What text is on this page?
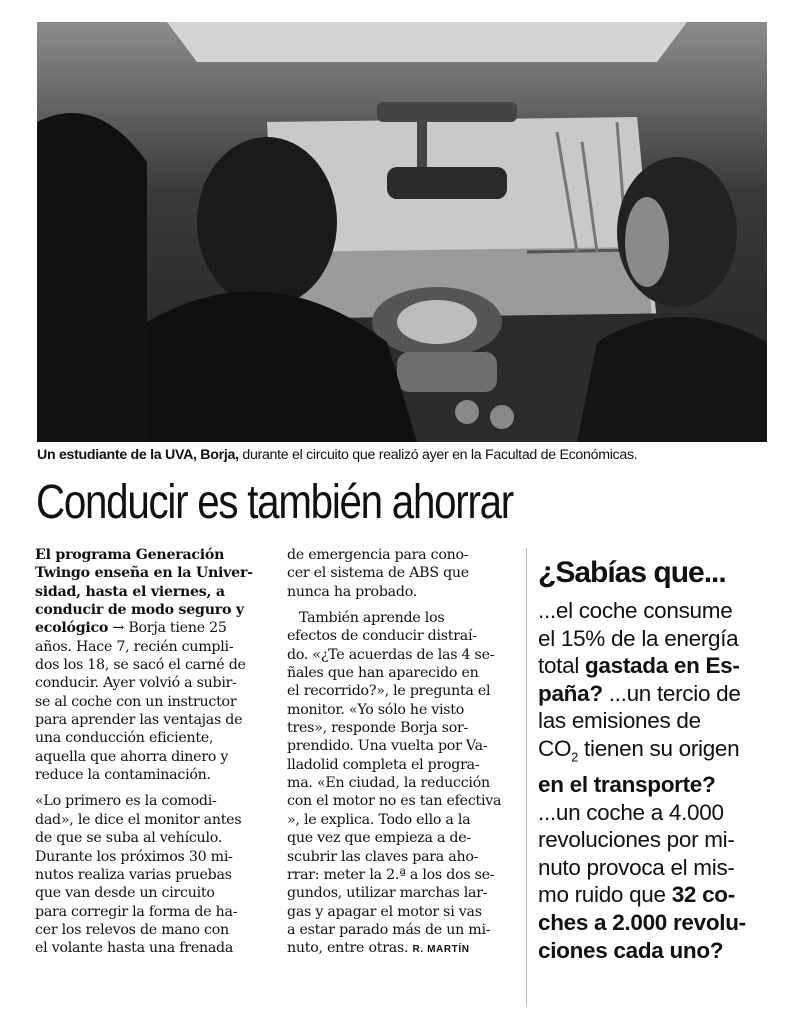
Un estudiante de la UVA, Borja, durante el circuito que realizó ayer en la Facultad de Económicas.
Conducir es también ahorrar
El programa Generación
Twingo enseña en la Univer-
sidad, hasta el viernes, a
conducir de modo seguro y
ecológico → Borja tiene 25
años. Hace 7, recién cumpli-
dos los 18, se sacó el carné de
conducir. Ayer volvió a subir-
se al coche con un instructor
para aprender las ventajas de
una conducción eficiente,
aquella que ahorra dinero y
reduce la contaminación.
«Lo primero es la comodi-
dad», le dice el monitor antes
de que se suba al vehículo.
Durante los próximos 30 mi-
nutos realiza varias pruebas
que van desde un circuito
para corregir la forma de ha-
cer los relevos de mano con
el volante hasta una frenada
de emergencia para cono-
cer el sistema de ABS que
nunca ha probado.
También aprende los
efectos de conducir distraí-
do. «¿Te acuerdas de las 4 se-
ñales que han aparecido en
el recorrido?», le pregunta el
monitor. «Yo sólo he visto
tres», responde Borja sor-
prendido. Una vuelta por Va-
lladolid completa el progra-
ma. «En ciudad, la reducción
con el motor no es tan efectiva
», le explica. Todo ello a la
que vez que empieza a de-
scubrir las claves para aho-
rrar: meter la 2.ª a los dos se-
gundos, utilizar marchas lar-
gas y apagar el motor si vas
a estar parado más de un mi-
nuto, entre otras. R. MARTÍN
¿Sabías que...
...el coche consume
el 15% de la energía
total gastada en Es-
paña? ...un tercio de
las emisiones de
$CO_2$ tienen su origen
en el transporte?
...un coche a 4.000
revoluciones por mi-
nuto provoca el mis-
mo ruido que 32 co-
ches a 2.000 revolu-
ciones cada uno?
